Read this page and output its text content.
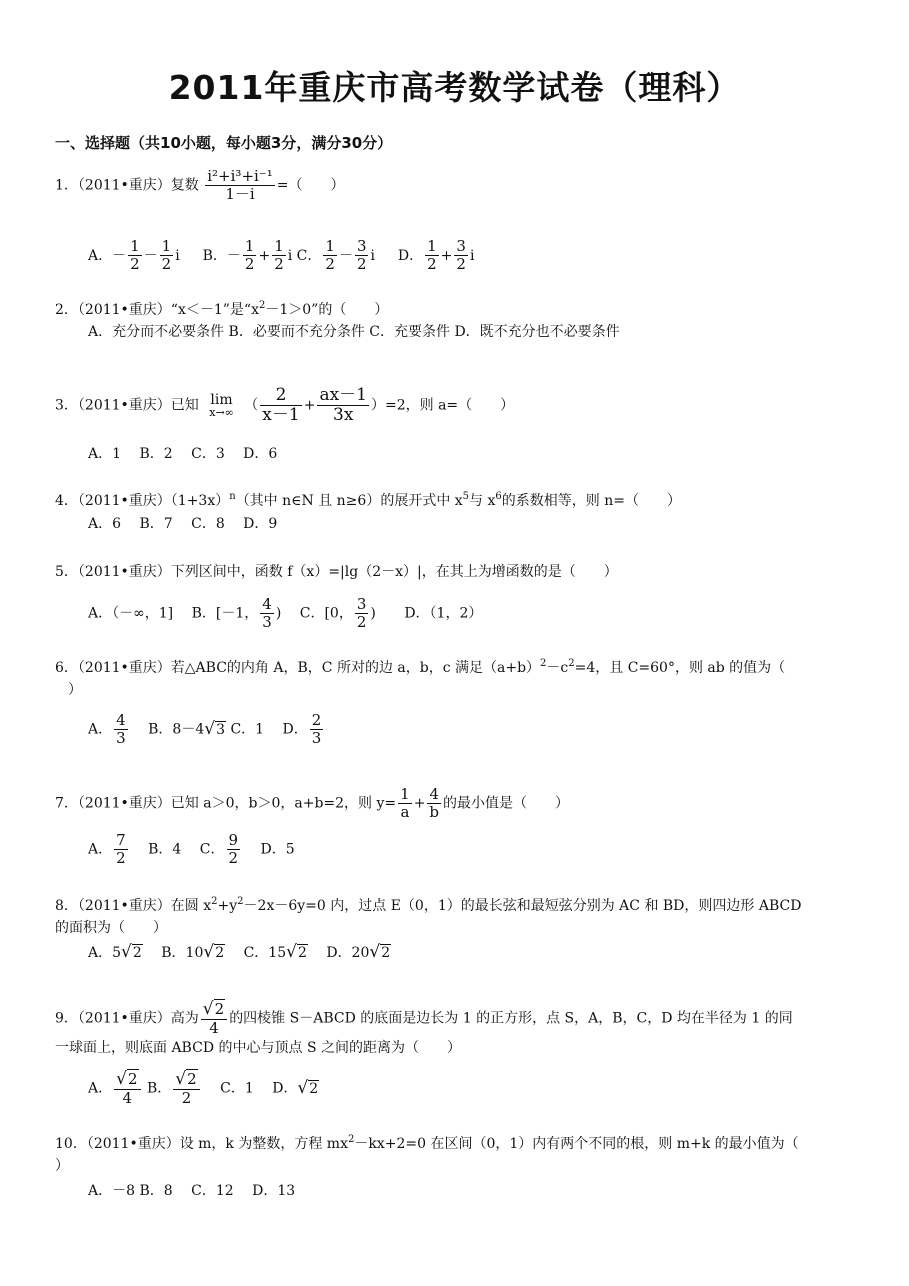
2011年重庆市高考数学试卷（理科）
一、选择题（共10小题，每小题3分，满分30分）
1．（2011•重庆）复数 $\frac{\text{i²+i³+i⁻¹}}{1-i}$ =（　　）
A．－ $\frac{1}{2} - \frac{1}{2}$ i B．－ $\frac{1}{2} + \frac{1}{2}$ i C． $\frac{1}{2} - \frac{3}{2}$ i D． $\frac{1}{2} + \frac{3}{2}$ i
2．（2011•重庆）“x＜－1”是“$x^2-1>0$”的（　　）
A．充分而不必要条件 B．必要而不充分条件 C．充要条件 D．既不充分也不必要条件
3．（2011•重庆）已知 lim
x→∞ （ $\frac{2}{x-1} + \frac{ax-1}{3x} )=2$，则 a=（　　）
A．1　 B．2　 C．3　 D．6
4．（2011•重庆）$(1+3x)^n$（其中 n∈N 且 n≥6）的展开式中 $x^5$与 $x^6$的系数相等，则 n=（　　）
A．6　 B．7　 C．8　 D．9
5．（2011•重庆）下列区间中，函数 f（x）=|lg（2－x）|，在其上为增函数的是（　　）
A．（－∞，1] B．[－1， $\frac{4}{3}$ ) C．[0， $\frac{3}{2}$ ) D．（1，2）
6．（2011•重庆）若△ABC的内角 A，B，C 所对的边 a，b，c 满足$(a+b)^2-c^2=4$，且 C=60°，则 ab 的值为（
）
A． $\frac{4}{3}$ B．8－4√3 C．1 D． $\frac{2}{3}$
7．（2011•重庆）已知 a＞0，b＞0，a+b=2，则 $y= \frac{1}{a} + \frac{4}{b}$ 的最小值是（　　）
A． $\frac{7}{2}$ B．4 C． $\frac{9}{2}$ D．5
8．（2011•重庆）在圆 $x^2+y^2-2x-6y=0$ 内，过点 E（0，1）的最长弦和最短弦分别为 AC 和 BD，则四边形 ABCD
的面积为（　　）
A．5√2 B．10√2 C．15√2 D．20√2
9．（2011•重庆）高为 $\frac{√2}{4}$ 的四棱锥 S－ABCD 的底面是边长为 1 的正方形，点 S，A，B，C，D 均在半径为 1 的同
一球面上，则底面 ABCD 的中心与顶点 S 之间的距离为（　　）
A． $\frac{√2}{4}$ B． $\frac{√2}{2}$ C．1 D．√2
10．（2011•重庆）设 m，k 为整数，方程 $mx^2-kx+2=0$ 在区间（0，1）内有两个不同的根，则 m+k 的最小值为（
）
A．－8 B．8　 C．12　 D．13
